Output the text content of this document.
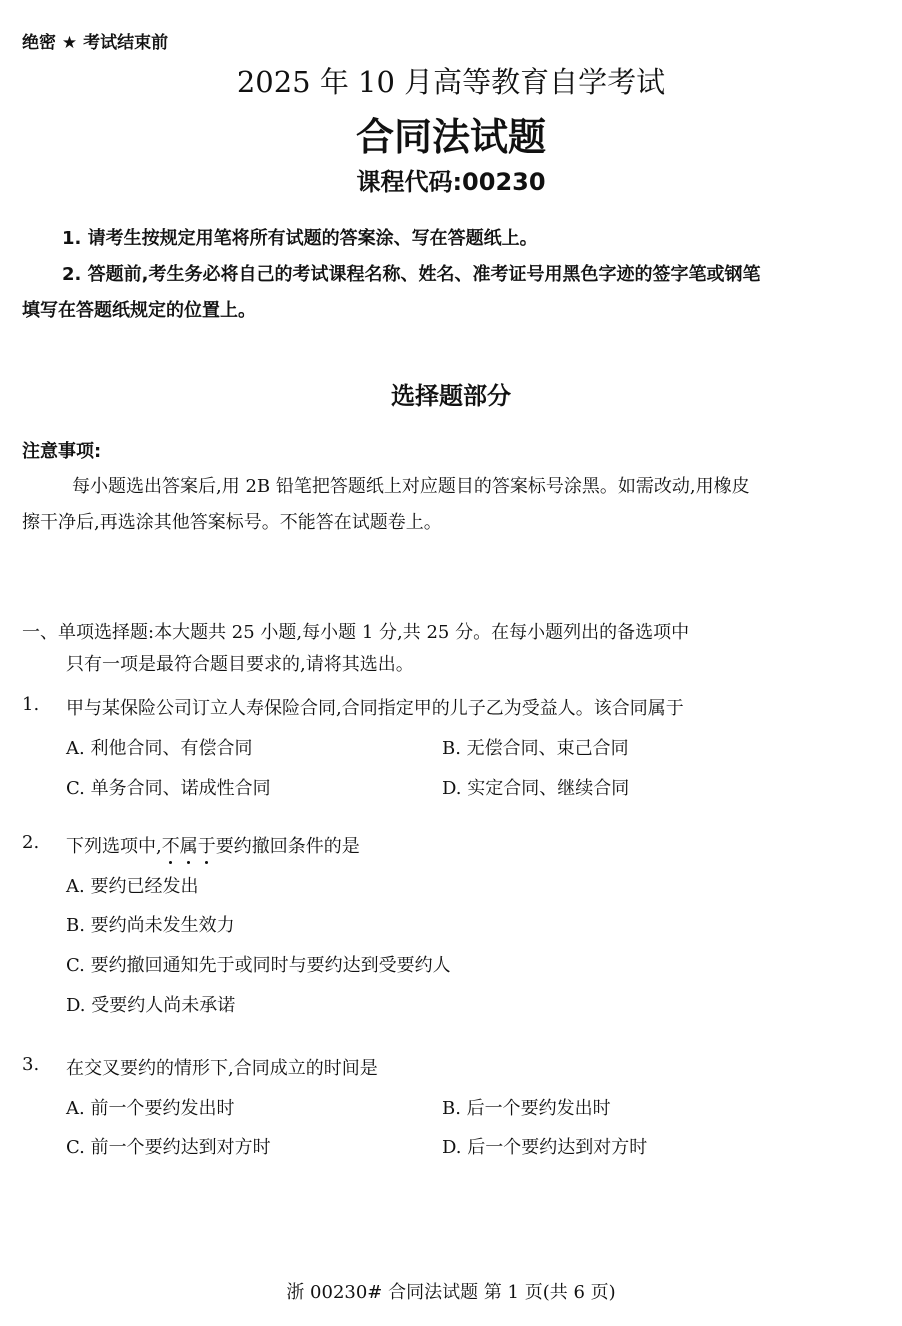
绝密 ★ 考试结束前
2025 年 10 月高等教育自学考试
合同法试题
课程代码:00230
1. 请考生按规定用笔将所有试题的答案涂、写在答题纸上。
2. 答题前,考生务必将自己的考试课程名称、姓名、准考证号用黑色字迹的签字笔或钢笔
填写在答题纸规定的位置上。
选择题部分
注意事项:
每小题选出答案后,用 2B 铅笔把答题纸上对应题目的答案标号涂黑。如需改动,用橡皮
擦干净后,再选涂其他答案标号。不能答在试题卷上。
一、单项选择题:本大题共 25 小题,每小题 1 分,共 25 分。在每小题列出的备选项中
只有一项是最符合题目要求的,请将其选出。
1. 甲与某保险公司订立人寿保险合同,合同指定甲的儿子乙为受益人。该合同属于
A. 利他合同、有偿合同	B. 无偿合同、束己合同
C. 单务合同、诺成性合同	D. 实定合同、继续合同
2. 下列选项中,不属于要约撤回条件的是
A. 要约已经发出
B. 要约尚未发生效力
C. 要约撤回通知先于或同时与要约达到受要约人
D. 受要约人尚未承诺
3. 在交叉要约的情形下,合同成立的时间是
A. 前一个要约发出时	B. 后一个要约发出时
C. 前一个要约达到对方时	D. 后一个要约达到对方时
浙 00230# 合同法试题 第 1 页(共 6 页)
